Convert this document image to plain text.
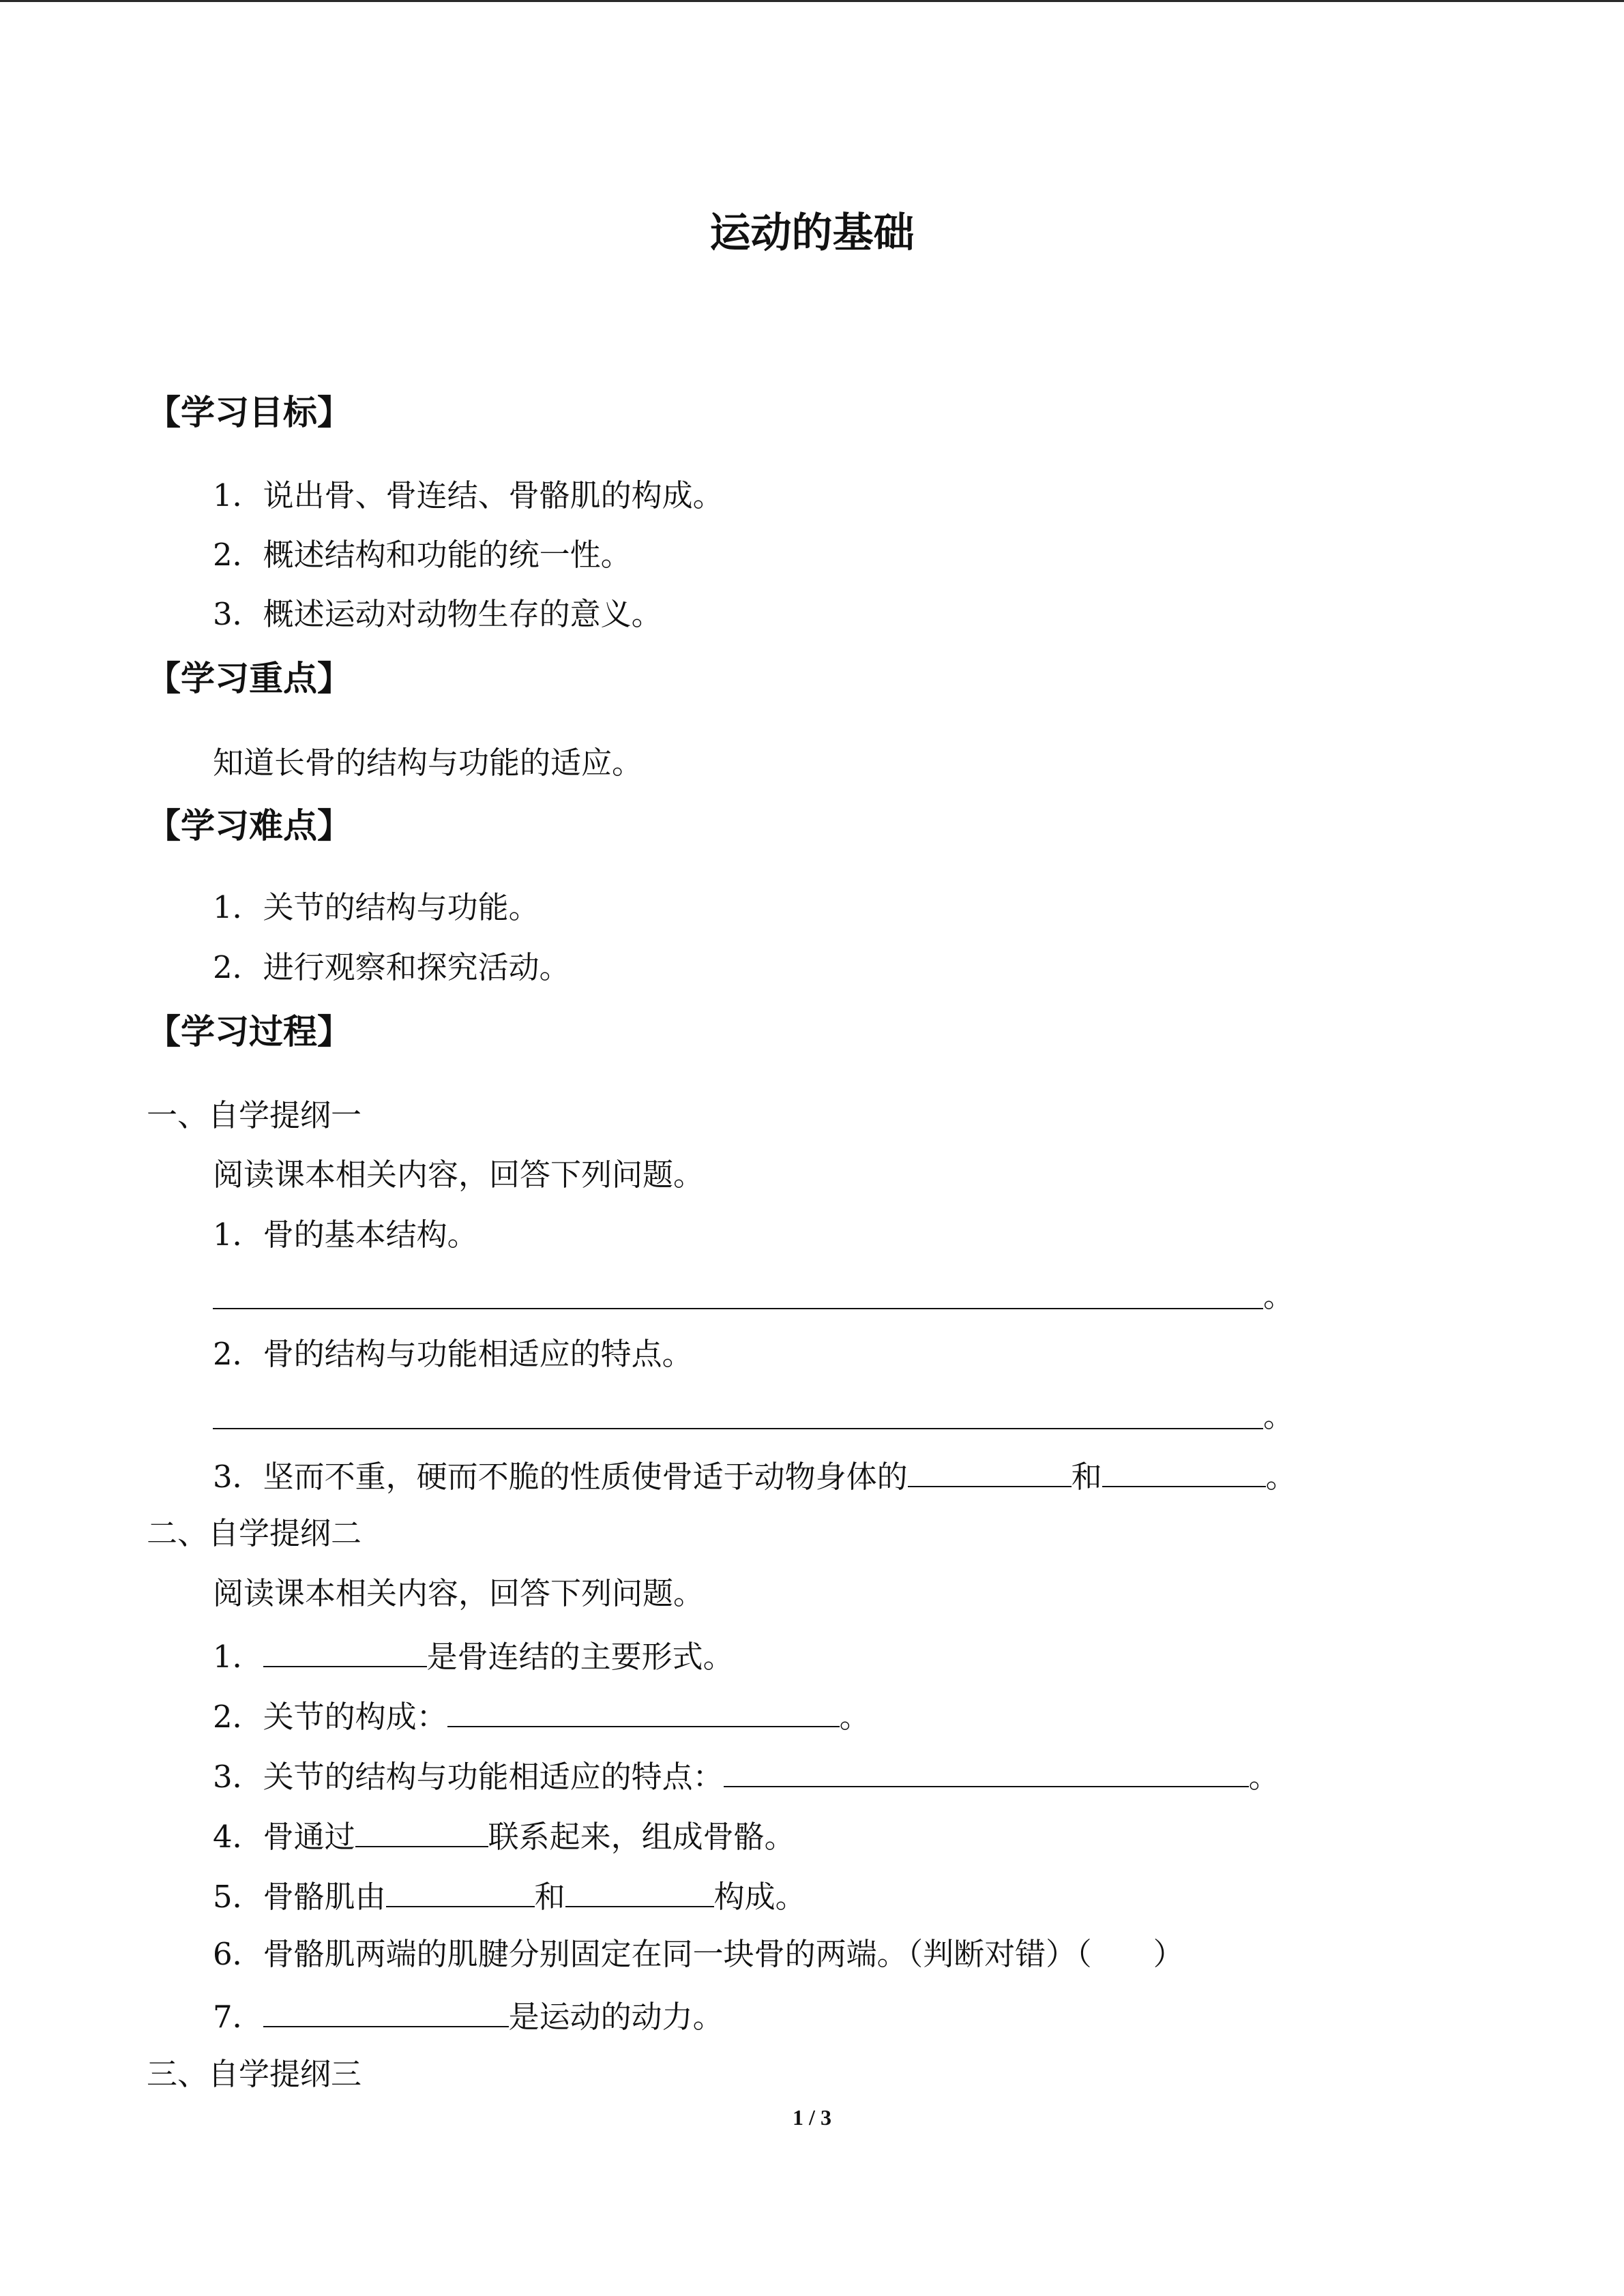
运动的基础
【学习目标】
1．说出骨、骨连结、骨骼肌的构成。
2．概述结构和功能的统一性。
3．概述运动对动物生存的意义。
【学习重点】
知道长骨的结构与功能的适应。
【学习难点】
1．关节的结构与功能。
2．进行观察和探究活动。
【学习过程】
一、自学提纲一
阅读课本相关内容，回答下列问题。
1．骨的基本结构。
。
2．骨的结构与功能相适应的特点。
。
3．坚而不重，硬而不脆的性质使骨适于动物身体的	和	。
二、自学提纲二
阅读课本相关内容，回答下列问题。
1．	是骨连结的主要形式。
2．关节的构成：	。
3．关节的结构与功能相适应的特点：	。
4．骨通过	联系起来，组成骨骼。
5．骨骼肌由	和	构成。
6．骨骼肌两端的肌腱分别固定在同一块骨的两端。（判断对错）（　　）
7．	是运动的动力。
三、自学提纲三
1 / 3
